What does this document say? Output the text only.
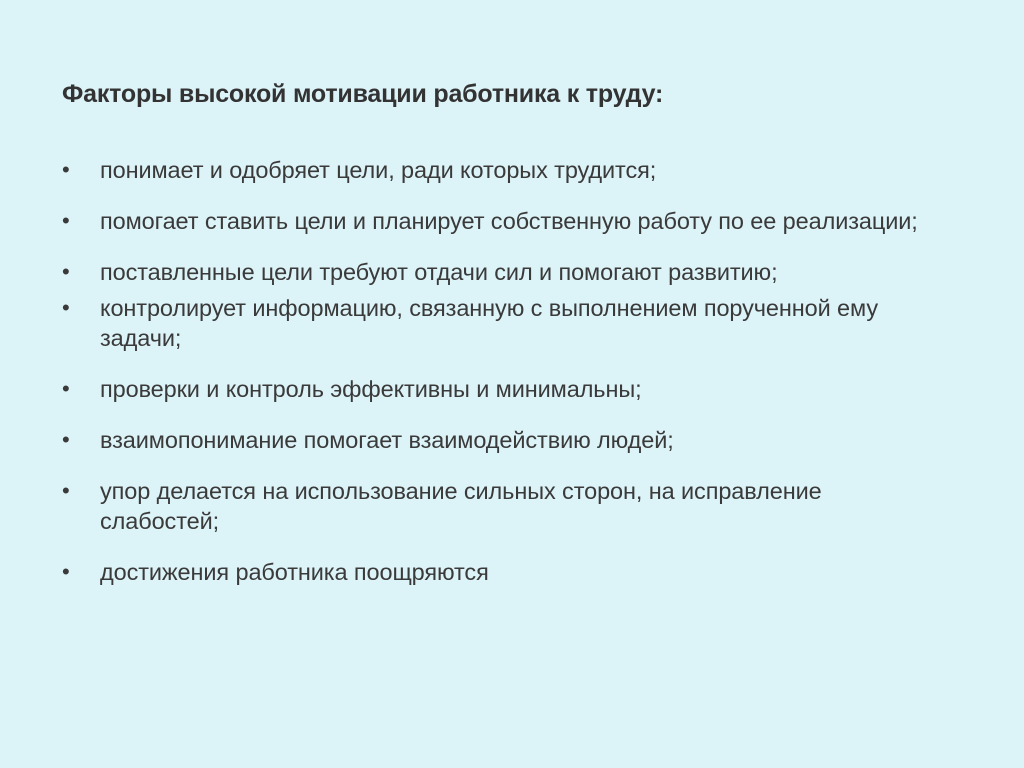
Факторы высокой мотивации работника к труду:
• понимает и одобряет цели, ради которых трудится;
• помогает ставить цели и планирует собственную работу по ее реализации;
• поставленные цели требуют отдачи сил и помогают развитию;
• контролирует информацию, связанную с выполнением порученной ему задачи;
• проверки и контроль эффективны и минимальны;
• взаимопонимание помогает взаимодействию людей;
• упор делается на использование сильных сторон, на исправление слабостей;
• достижения работника поощряются
